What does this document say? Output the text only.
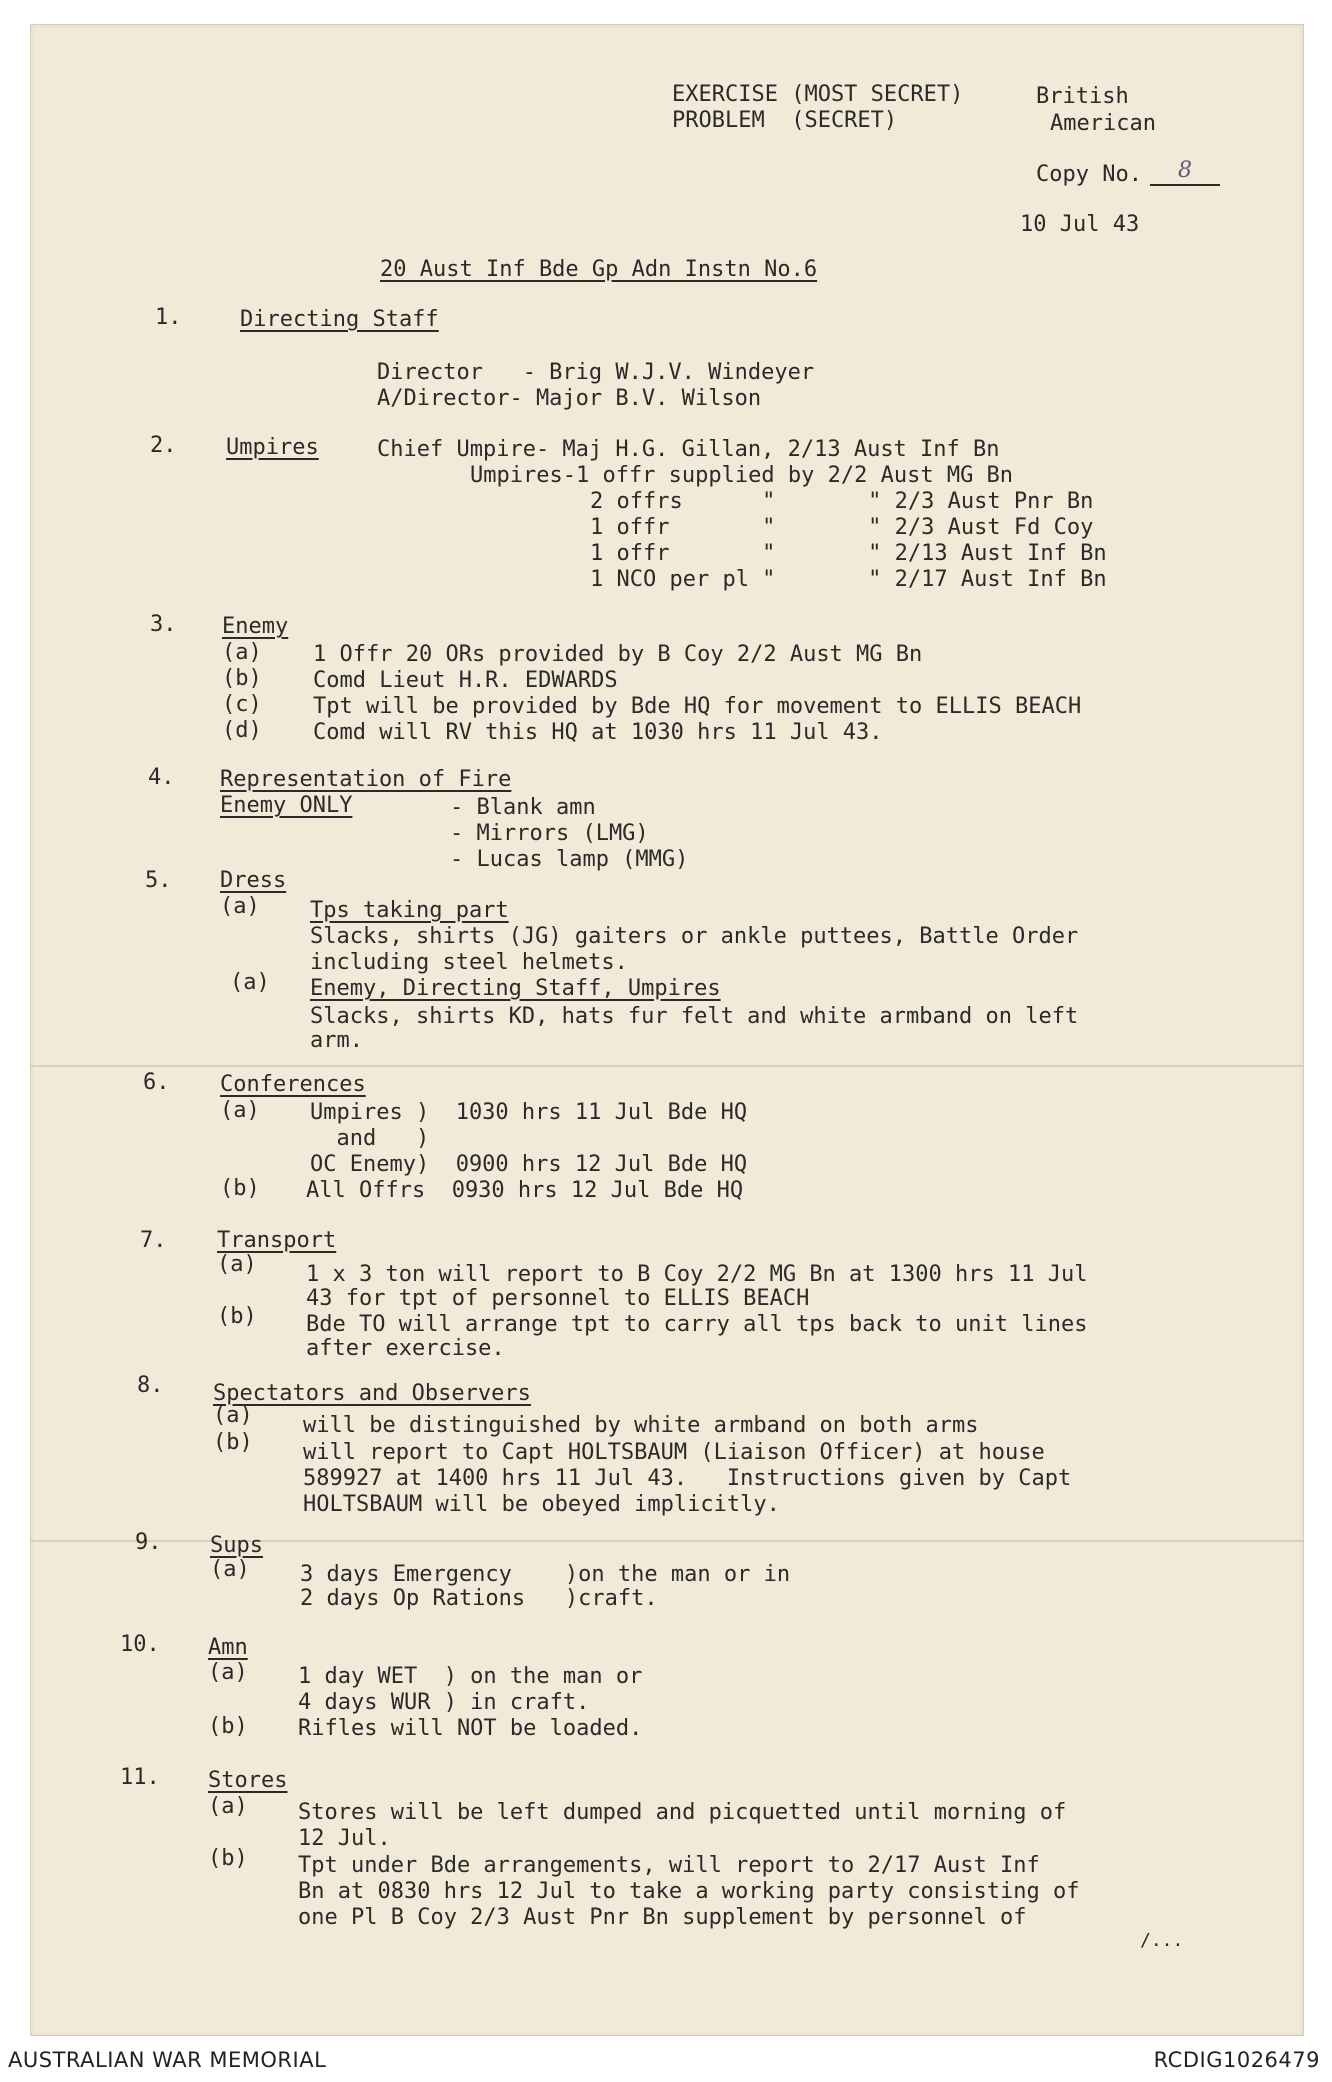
EXERCISE (MOST SECRET)
PROBLEM  (SECRET)
British
American
Copy No.	8
10 Jul 43
20 Aust Inf Bde Gp Adn Instn No.6
1.	Directing Staff
Director   - Brig W.J.V. Windeyer
A/Director- Major B.V. Wilson
2. Umpires	Chief Umpire- Maj H.G. Gillan, 2/13 Aust Inf Bn
Umpires-1 offr supplied by 2/2 Aust MG Bn
2 offrs      "       " 2/3 Aust Pnr Bn
1 offr       "       " 2/3 Aust Fd Coy
1 offr       "       " 2/13 Aust Inf Bn
1 NCO per pl "       " 2/17 Aust Inf Bn
3. Enemy
(a) 1 Offr 20 ORs provided by B Coy 2/2 Aust MG Bn
(b) Comd Lieut H.R. EDWARDS
(c) Tpt will be provided by Bde HQ for movement to ELLIS BEACH
(d) Comd will RV this HQ at 1030 hrs 11 Jul 43.
4. Representation of Fire
Enemy ONLY	- Blank amn
- Mirrors (LMG)
- Lucas lamp (MMG)
5. Dress
(a) Tps taking part
Slacks, shirts (JG) gaiters or ankle puttees, Battle Order
including steel helmets.
(a) Enemy, Directing Staff, Umpires
Slacks, shirts KD, hats fur felt and white armband on left
arm.
6. Conferences
(a) Umpires )  1030 hrs 11 Jul Bde HQ
and   )
OC Enemy)  0900 hrs 12 Jul Bde HQ
(b) All Offrs  0930 hrs 12 Jul Bde HQ
7. Transport
(a) 1 x 3 ton will report to B Coy 2/2 MG Bn at 1300 hrs 11 Jul
43 for tpt of personnel to ELLIS BEACH
(b) Bde TO will arrange tpt to carry all tps back to unit lines
after exercise.
8. Spectators and Observers
(a) will be distinguished by white armband on both arms
(b) will report to Capt HOLTSBAUM (Liaison Officer) at house
589927 at 1400 hrs 11 Jul 43.   Instructions given by Capt
HOLTSBAUM will be obeyed implicitly.
9. Sups
(a) 3 days Emergency    )on the man or in
2 days Op Rations   )craft.
10. Amn
(a) 1 day WET  ) on the man or
4 days WUR ) in craft.
(b) Rifles will NOT be loaded.
11. Stores
(a) Stores will be left dumped and picquetted until morning of
12 Jul.
(b) Tpt under Bde arrangements, will report to 2/17 Aust Inf
Bn at 0830 hrs 12 Jul to take a working party consisting of
one Pl B Coy 2/3 Aust Pnr Bn supplement by personnel of
/...
AUSTRALIAN WAR MEMORIAL	RCDIG1026479
